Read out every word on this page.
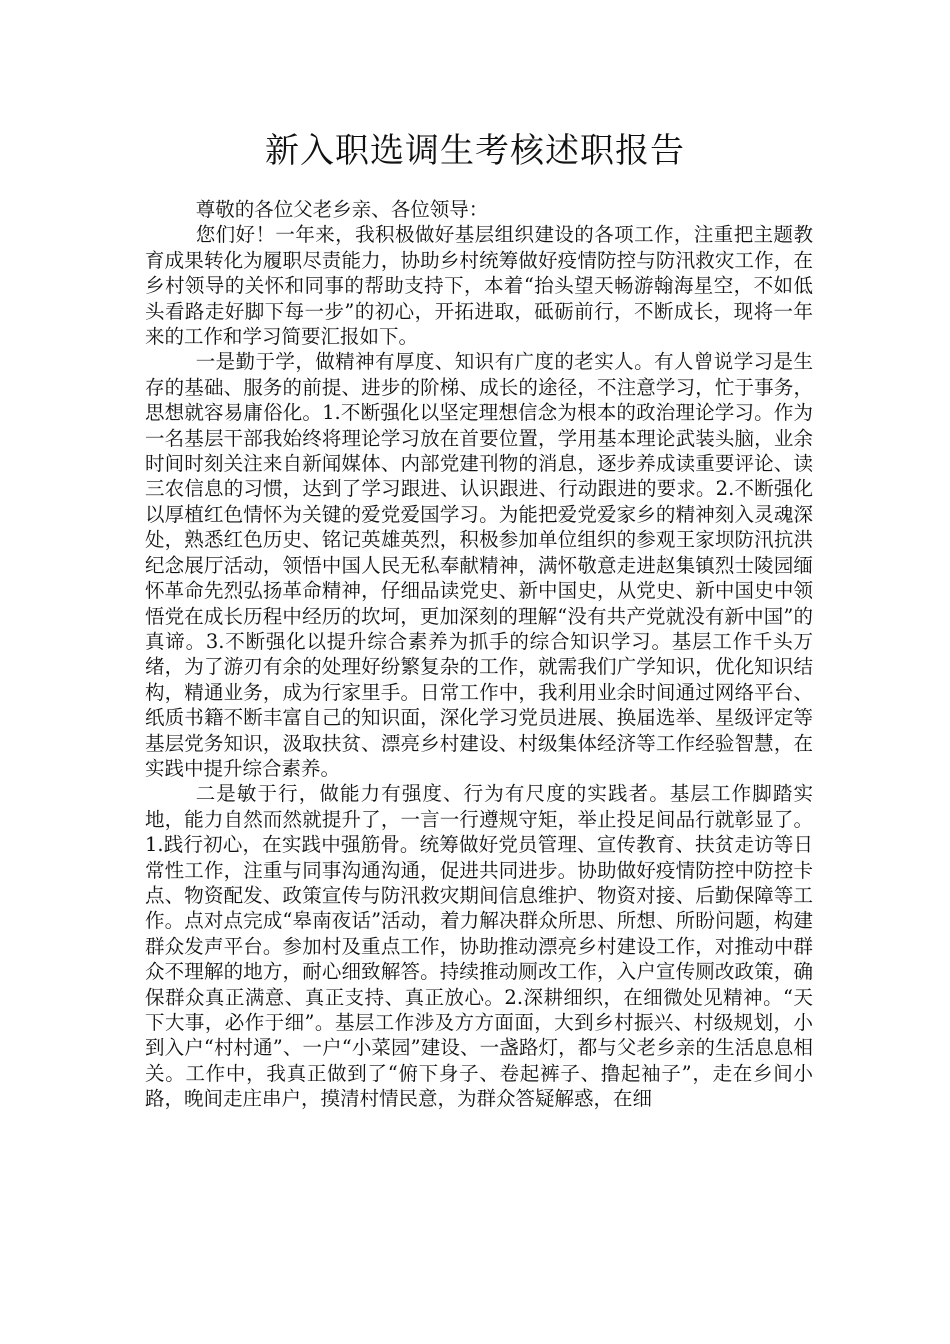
新入职选调生考核述职报告

尊敬的各位父老乡亲、各位领导：

您们好！一年来，我积极做好基层组织建设的各项工作，注重把主题教育成果转化为履职尽责能力，协助乡村统筹做好疫情防控与防汛救灾工作，在乡村领导的关怀和同事的帮助支持下，本着“抬头望天畅游翰海星空，不如低头看路走好脚下每一步”的初心，开拓进取，砥砺前行，不断成长，现将一年来的工作和学习简要汇报如下。

一是勤于学，做精神有厚度、知识有广度的老实人。有人曾说学习是生存的基础、服务的前提、进步的阶梯、成长的途径，不注意学习，忙于事务，思想就容易庸俗化。1.不断强化以坚定理想信念为根本的政治理论学习。作为一名基层干部我始终将理论学习放在首要位置，学用基本理论武装头脑，业余时间时刻关注来自新闻媒体、内部党建刊物的消息，逐步养成读重要评论、读三农信息的习惯，达到了学习跟进、认识跟进、行动跟进的要求。2.不断强化以厚植红色情怀为关键的爱党爱国学习。为能把爱党爱家乡的精神刻入灵魂深处，熟悉红色历史、铭记英雄英烈，积极参加单位组织的参观王家坝防汛抗洪纪念展厅活动，领悟中国人民无私奉献精神，满怀敬意走进赵集镇烈士陵园缅怀革命先烈弘扬革命精神，仔细品读党史、新中国史，从党史、新中国史中领悟党在成长历程中经历的坎坷，更加深刻的理解“没有共产党就没有新中国”的真谛。3.不断强化以提升综合素养为抓手的综合知识学习。基层工作千头万绪，为了游刃有余的处理好纷繁复杂的工作，就需我们广学知识，优化知识结构，精通业务，成为行家里手。日常工作中，我利用业余时间通过网络平台、纸质书籍不断丰富自己的知识面，深化学习党员进展、换届选举、星级评定等基层党务知识，汲取扶贫、漂亮乡村建设、村级集体经济等工作经验智慧，在实践中提升综合素养。

二是敏于行，做能力有强度、行为有尺度的实践者。基层工作脚踏实地，能力自然而然就提升了，一言一行遵规守矩，举止投足间品行就彰显了。1.践行初心，在实践中强筋骨。统筹做好党员管理、宣传教育、扶贫走访等日常性工作，注重与同事沟通沟通，促进共同进步。协助做好疫情防控中防控卡点、物资配发、政策宣传与防汛救灾期间信息维护、物资对接、后勤保障等工作。点对点完成“皋南夜话”活动，着力解决群众所思、所想、所盼问题，构建群众发声平台。参加村及重点工作，协助推动漂亮乡村建设工作，对推动中群众不理解的地方，耐心细致解答。持续推动厕改工作，入户宣传厕改政策，确保群众真正满意、真正支持、真正放心。2.深耕细织，在细微处见精神。“天下大事，必作于细”。基层工作涉及方方面面，大到乡村振兴、村级规划，小到入户“村村通”、一户“小菜园”建设、一盏路灯，都与父老乡亲的生活息息相关。工作中，我真正做到了“俯下身子、卷起裤子、撸起袖子”，走在乡间小路，晚间走庄串户，摸清村情民意，为群众答疑解惑，在细
